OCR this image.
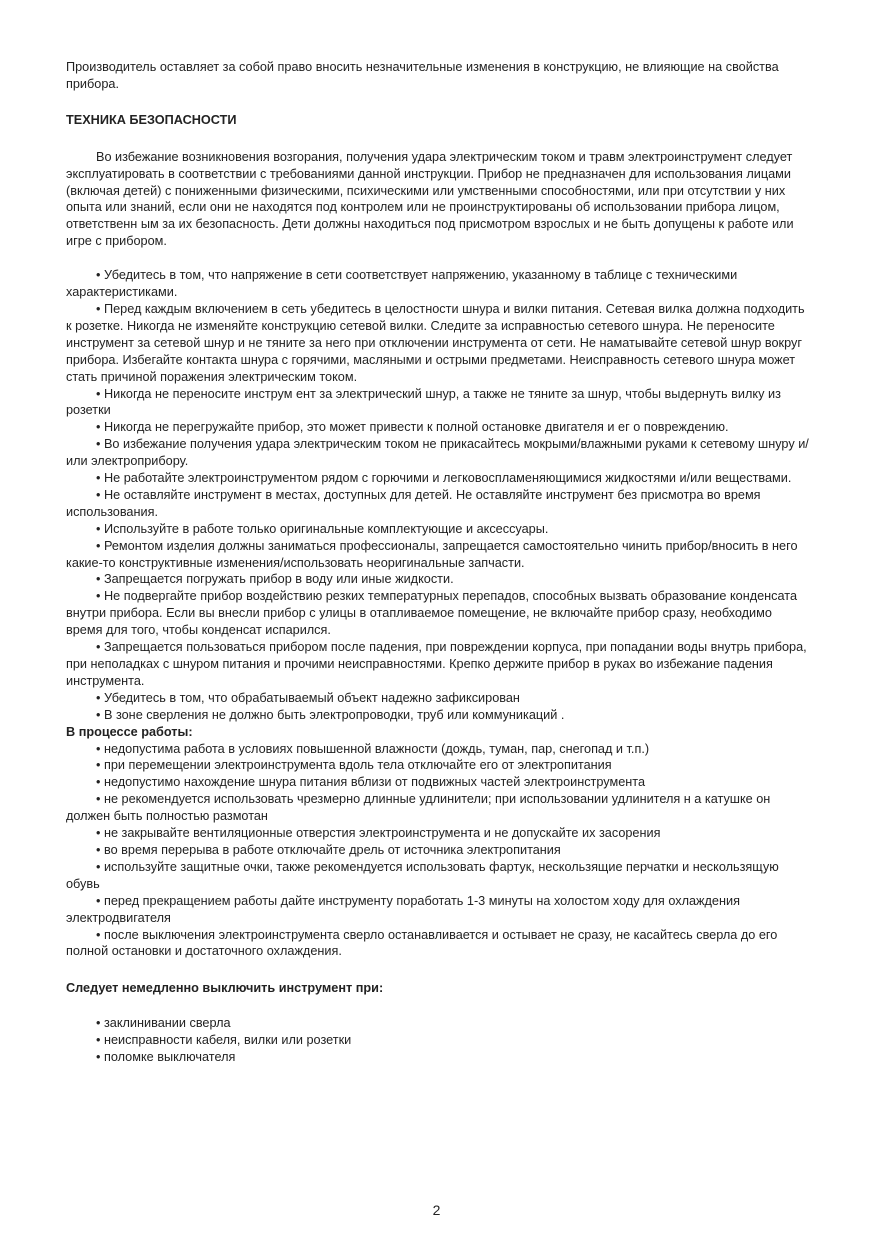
Производитель оставляет за собой право вносить незначительные изменения в конструкцию, не влияющие на свойства прибора.

ТЕХНИКА БЕЗОПАСНОСТИ

Во избежание возникновения возгорания, получения удара электрическим током и травм электроинструмент следует эксплуатировать в соответствии с требованиями данной инструкции. Прибор не предназначен для использования лицами (включая детей) с пониженными физическими, психическими или умственными способностями, или при отсутствии у них опыта или знаний, если они не находятся под контролем или не проинструктированы об использовании прибора лицом, ответственн ым за их безопасность. Дети должны находиться под присмотром взрослых и не быть допущены к работе или игре с прибором.

• Убедитесь в том, что напряжение в сети соответствует напряжению, указанному в таблице с техническими характеристиками.

• Перед каждым включением в сеть убедитесь в целостности шнура и вилки питания. Сетевая вилка должна подходить к розетке. Никогда не изменяйте конструкцию сетевой вилки. Следите за исправностью сетевого шнура. Не переносите инструмент за сетевой шнур и не тяните за него при отключении инструмента от сети. Не наматывайте сетевой шнур вокруг прибора. Избегайте контакта шнура с горячими, масляными и острыми предметами. Неисправность сетевого шнура может стать причиной поражения электрическим током.

• Никогда не переносите инструм ент за электрический шнур, а также не тяните за шнур, чтобы выдернуть вилку из розетки

• Никогда не перегружайте прибор, это может привести к полной остановке двигателя и ег о повреждению.

• Во избежание получения удара электрическим током не прикасайтесь мокрыми/влажными руками к сетевому шнуру и/или электроприбору.

• Не работайте электроинструментом рядом с горючими и легковоспламеняющимися жидкостями и/или веществами.

• Не оставляйте инструмент в местах, доступных для детей. Не оставляйте инструмент без присмотра во время использования.

• Используйте в работе только оригинальные комплектующие и аксессуары.

• Ремонтом изделия должны заниматься профессионалы, запрещается самостоятельно чинить прибор/вносить в него какие-то конструктивные изменения/использовать неоригинальные запчасти.

• Запрещается погружать прибор в воду или иные жидкости.

• Не подвергайте прибор воздействию резких температурных перепадов, способных вызвать образование конденсата внутри прибора. Если вы внесли прибор с улицы в отапливаемое помещение, не включайте прибор сразу, необходимо время для того, чтобы конденсат испарился.

• Запрещается пользоваться прибором после падения, при повреждении корпуса, при попадании воды внутрь прибора, при неполадках с шнуром питания и прочими неисправностями. Крепко держите прибор в руках во избежание падения инструмента.

• Убедитесь в том, что обрабатываемый объект надежно зафиксирован

• В зоне сверления не должно быть электропроводки, труб или коммуникаций .

В процессе работы:

• недопустима работа в условиях повышенной влажности (дождь, туман, пар, снегопад и т.п.)

• при перемещении электроинструмента вдоль тела отключайте его от электропитания

• недопустимо нахождение шнура питания вблизи от подвижных частей электроинструмента

• не рекомендуется использовать чрезмерно длинные удлинители; при использовании удлинителя н а катушке он должен быть полностью размотан

• не закрывайте вентиляционные отверстия электроинструмента и не допускайте их засорения

• во время перерыва в работе отключайте дрель от источника электропитания

• используйте защитные очки, также рекомендуется использовать фартук, нескользящие перчатки и нескользящую обувь

• перед прекращением работы дайте инструменту поработать 1-3 минуты на холостом ходу для охлаждения электродвигателя

• после выключения электроинструмента сверло останавливается и остывает не сразу, не касайтесь сверла до его полной остановки и достаточного охлаждения.

Следует немедленно выключить инструмент при:

• заклинивании сверла

• неисправности кабеля, вилки или розетки

• поломке выключателя

2
